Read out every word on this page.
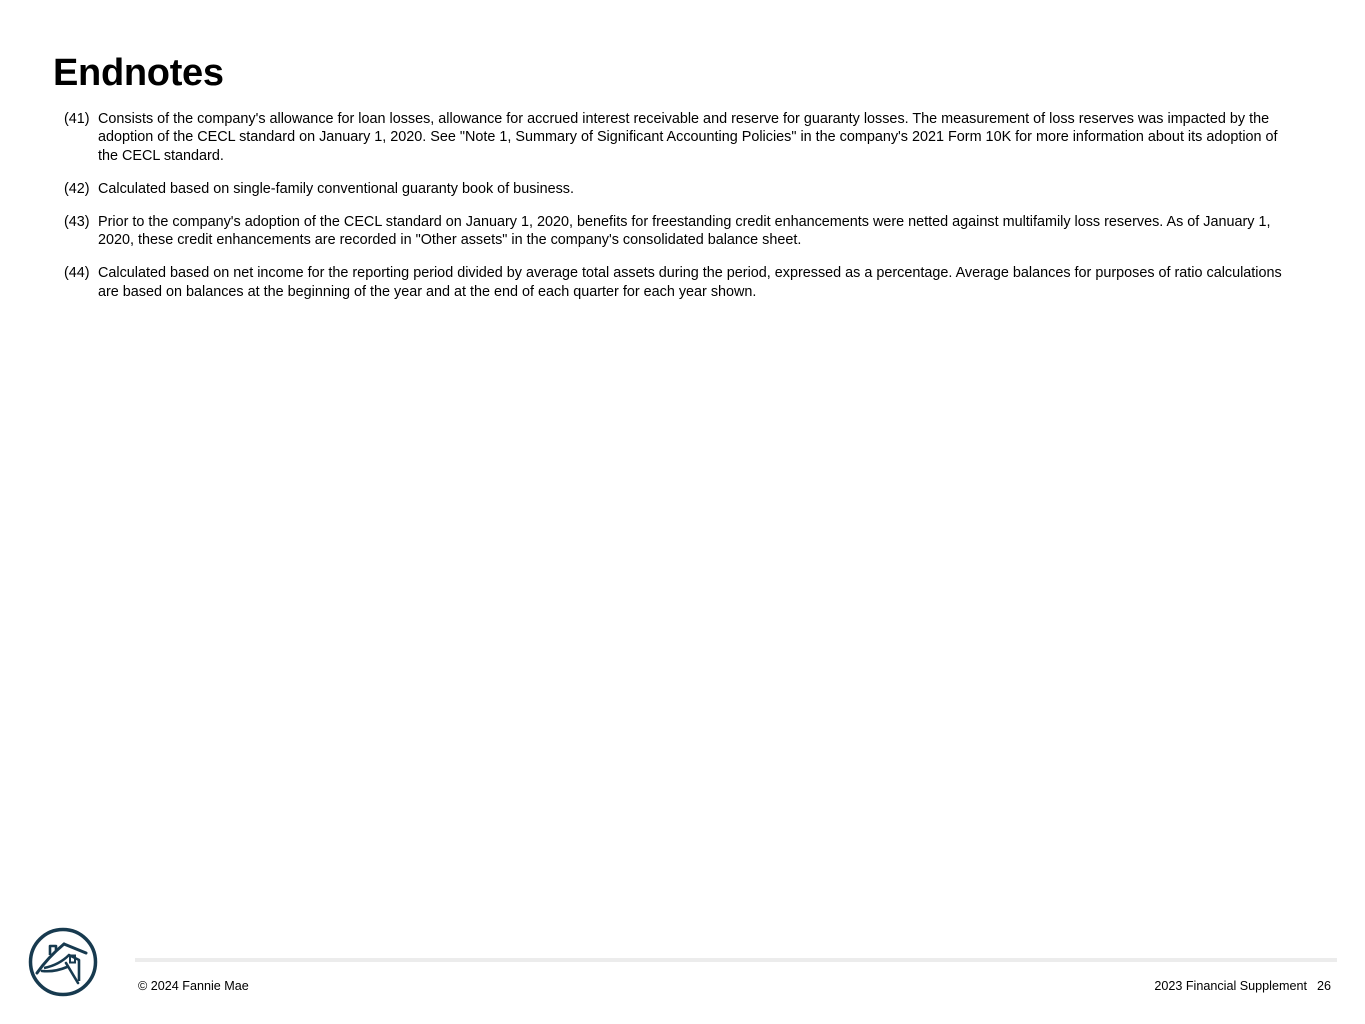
Endnotes
(41) Consists of the company's allowance for loan losses, allowance for accrued interest receivable and reserve for guaranty losses. The measurement of loss reserves was impacted by the adoption of the CECL standard on January 1, 2020. See "Note 1, Summary of Significant Accounting Policies" in the company's 2021 Form 10K for more information about its adoption of the CECL standard.
(42) Calculated based on single-family conventional guaranty book of business.
(43) Prior to the company's adoption of the CECL standard on January 1, 2020, benefits for freestanding credit enhancements were netted against multifamily loss reserves. As of January 1, 2020, these credit enhancements are recorded in "Other assets" in the company's consolidated balance sheet.
(44) Calculated based on net income for the reporting period divided by average total assets during the period, expressed as a percentage. Average balances for purposes of ratio calculations are based on balances at the beginning of the year and at the end of each quarter for each year shown.
© 2024 Fannie Mae	2023 Financial Supplement 26
